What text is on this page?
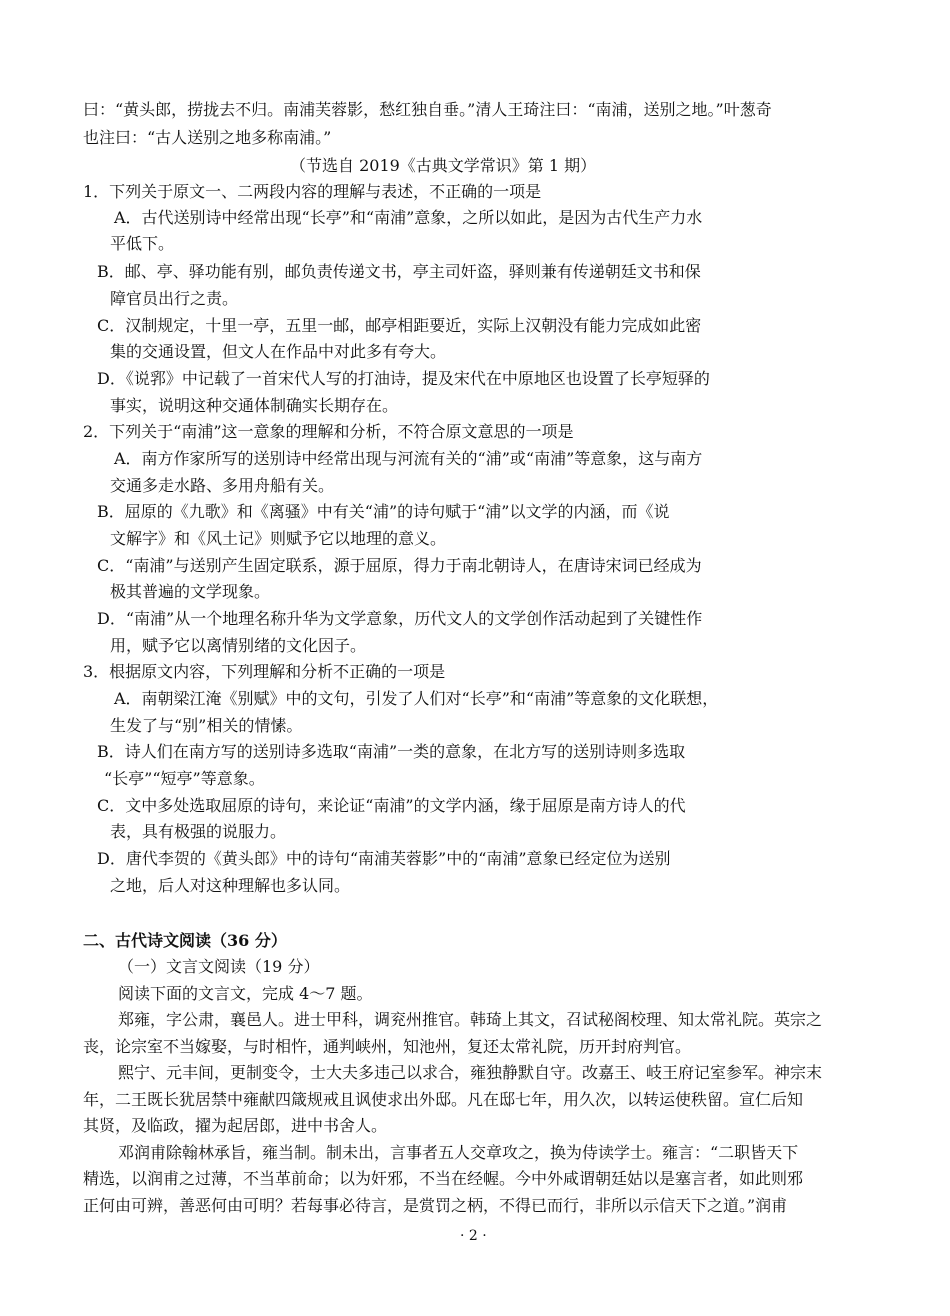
曰：“黄头郎，捞拢去不归。南浦芙蓉影，愁红独自垂。”清人王琦注曰：“南浦，送别之地。”叶葱奇
也注曰：“古人送别之地多称南浦。”
（节选自 2019《古典文学常识》第 1 期）
1．下列关于原文一、二两段内容的理解与表述，不正确的一项是
A．古代送别诗中经常出现“长亭”和“南浦”意象，之所以如此，是因为古代生产力水
平低下。
B．邮、亭、驿功能有别，邮负责传递文书，亭主司奸盗，驿则兼有传递朝廷文书和保
障官员出行之责。
C．汉制规定，十里一亭，五里一邮，邮亭相距要近，实际上汉朝没有能力完成如此密
集的交通设置，但文人在作品中对此多有夸大。
D．《说郛》中记载了一首宋代人写的打油诗，提及宋代在中原地区也设置了长亭短驿的
事实，说明这种交通体制确实长期存在。
2．下列关于“南浦”这一意象的理解和分析，不符合原文意思的一项是
A．南方作家所写的送别诗中经常出现与河流有关的“浦”或“南浦”等意象，这与南方
交通多走水路、多用舟船有关。
B．屈原的《九歌》和《离骚》中有关“浦”的诗句赋于“浦”以文学的内涵，而《说
文解字》和《风土记》则赋予它以地理的意义。
C．“南浦”与送别产生固定联系，源于屈原，得力于南北朝诗人，在唐诗宋词已经成为
极其普遍的文学现象。
D．“南浦”从一个地理名称升华为文学意象，历代文人的文学创作活动起到了关键性作
用，赋予它以离情别绪的文化因子。
3．根据原文内容，下列理解和分析不正确的一项是
A．南朝梁江淹《别赋》中的文句，引发了人们对“长亭”和“南浦”等意象的文化联想，
生发了与“别”相关的情愫。
B．诗人们在南方写的送别诗多选取“南浦”一类的意象，在北方写的送别诗则多选取
“长亭”“短亭”等意象。
C．文中多处选取屈原的诗句，来论证“南浦”的文学内涵，缘于屈原是南方诗人的代
表，具有极强的说服力。
D．唐代李贺的《黄头郎》中的诗句“南浦芙蓉影”中的“南浦”意象已经定位为送别
之地，后人对这种理解也多认同。
二、古代诗文阅读（36 分）
（一）文言文阅读（19 分）
阅读下面的文言文，完成 4～7 题。
郑雍，字公肃，襄邑人。进士甲科，调兖州推官。韩琦上其文，召试秘阁校理、知太常礼院。英宗之
丧，论宗室不当嫁娶，与时相忤，通判峡州，知池州，复还太常礼院，历开封府判官。
熙宁、元丰间，更制变令，士大夫多违己以求合，雍独静默自守。改嘉王、岐王府记室参军。神宗末
年，二王既长犹居禁中雍献四箴规戒且讽使求出外邸。凡在邸七年，用久次，以转运使秩留。宣仁后知
其贤，及临政，擢为起居郎，进中书舍人。
邓润甫除翰林承旨，雍当制。制未出，言事者五人交章攻之，换为侍读学士。雍言：“二职皆天下
精选，以润甫之过薄，不当革前命；以为奸邪，不当在经幄。今中外咸谓朝廷姑以是塞言者，如此则邪
正何由可辨，善恶何由可明？若每事必待言，是赏罚之柄，不得已而行，非所以示信天下之道。”润甫
· 2 ·
